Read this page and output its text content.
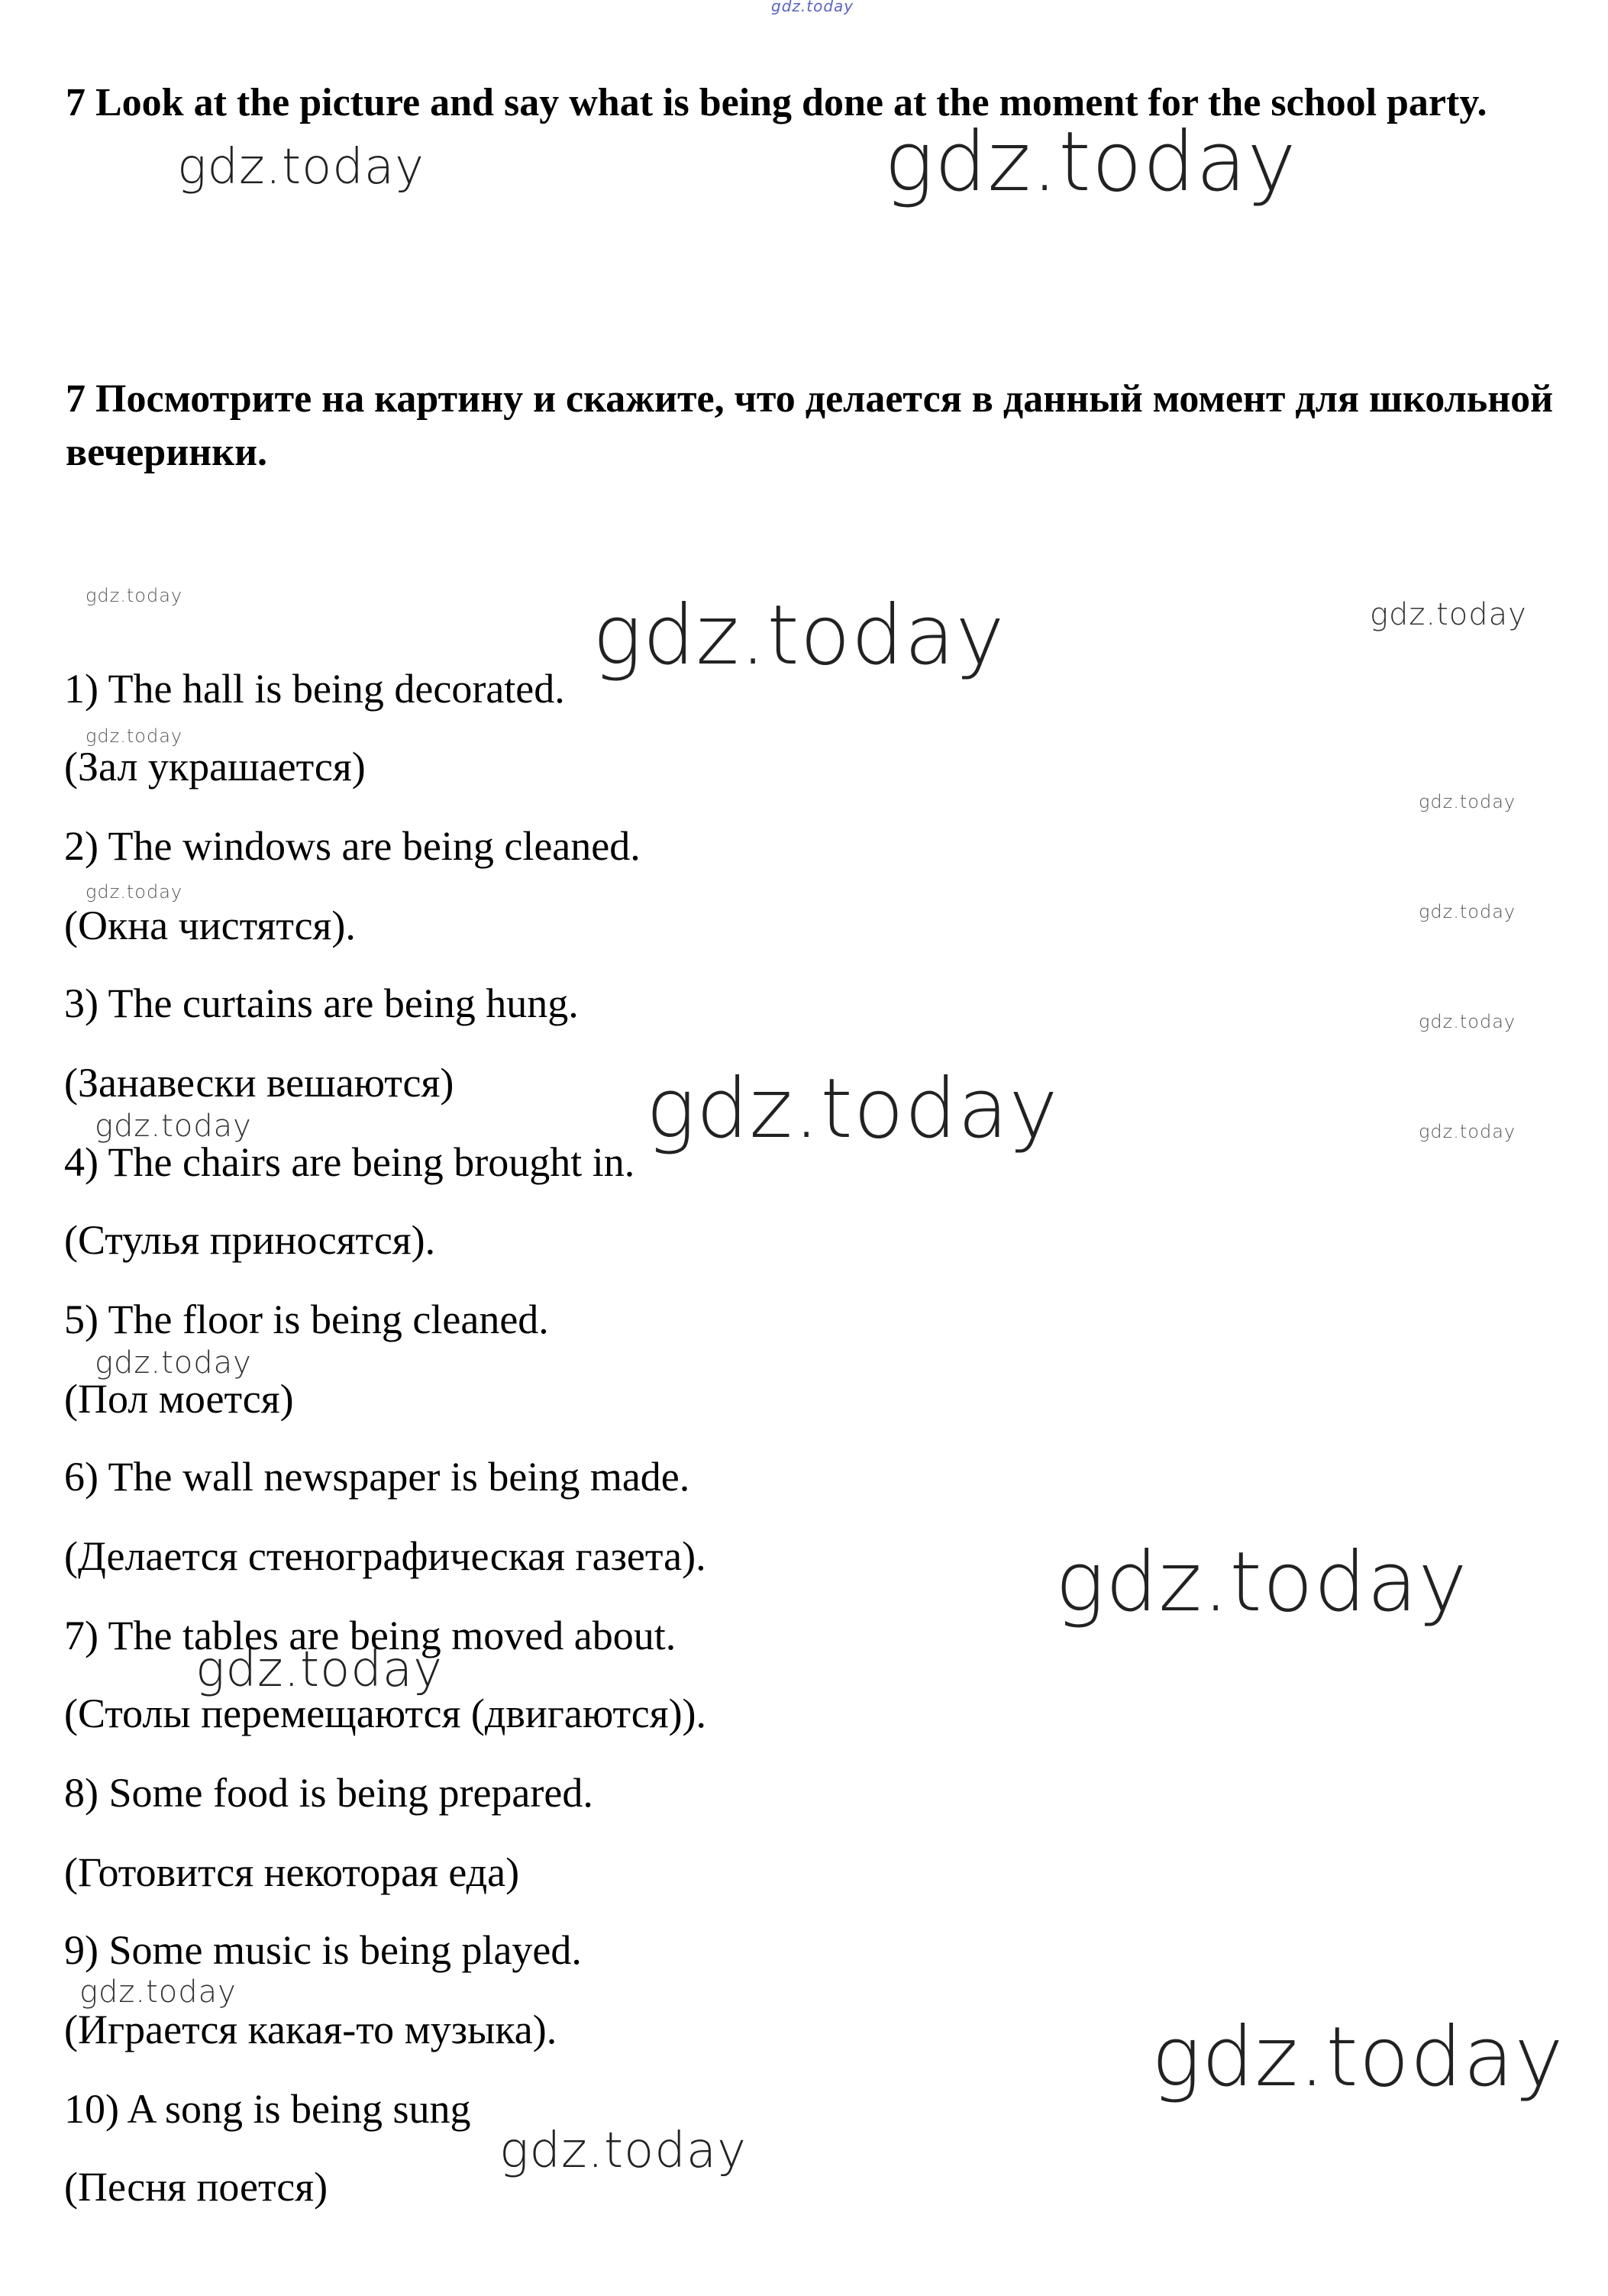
7 Look at the picture and say what is being done at the moment for the school party.

7 Посмотрите на картину и скажите, что делается в данный момент для школьной вечеринки.

1) The hall is being decorated.
(Зал украшается)
2) The windows are being cleaned.
(Окна чистятся).
3) The curtains are being hung.
(Занавески вешаются)
4) The chairs are being brought in.
(Стулья приносятся).
5) The floor is being cleaned.
(Пол моется)
6) The wall newspaper is being made.
(Делается стенографическая газета).
7) The tables are being moved about.
(Столы перемещаются (двигаются)).
8) Some food is being prepared.
(Готовится некоторая еда)
9) Some music is being played.
(Играется какая-то музыка).
10) A song is being sung
(Песня поется)
gdz.today
gdz.today	gdz.today
gdz.today	gdz.today	gdz.today
gdz.today
gdz.today
gdz.today
gdz.today
gdz.today
gdz.today
gdz.today	gdz.today
gdz.today
gdz.today
gdz.today
gdz.today
gdz.today
gdz.today
